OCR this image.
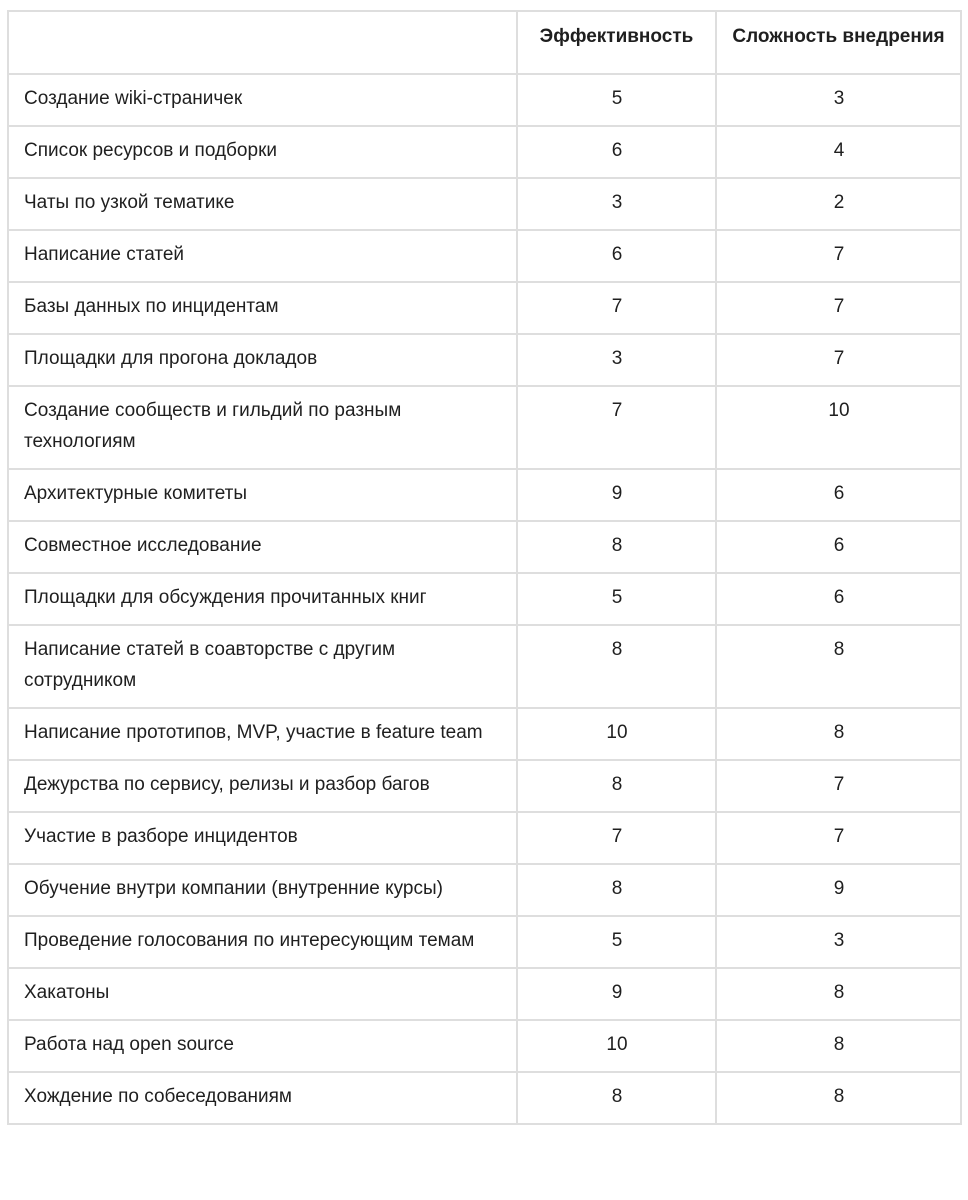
	Эффективность	Сложность внедрения
Создание wiki-страничек	5	3
Список ресурсов и подборки	6	4
Чаты по узкой тематике	3	2
Написание статей	6	7
Базы данных по инцидентам	7	7
Площадки для прогона докладов	3	7
Создание сообществ и гильдий по разным технологиям	7	10
Архитектурные комитеты	9	6
Совместное исследование	8	6
Площадки для обсуждения прочитанных книг	5	6
Написание статей в соавторстве с другим сотрудником	8	8
Написание прототипов, MVP, участие в feature team	10	8
Дежурства по сервису, релизы и разбор багов	8	7
Участие в разборе инцидентов	7	7
Обучение внутри компании (внутренние курсы)	8	9
Проведение голосования по интересующим темам	5	3
Хакатоны	9	8
Работа над open source	10	8
Хождение по собеседованиям	8	8
